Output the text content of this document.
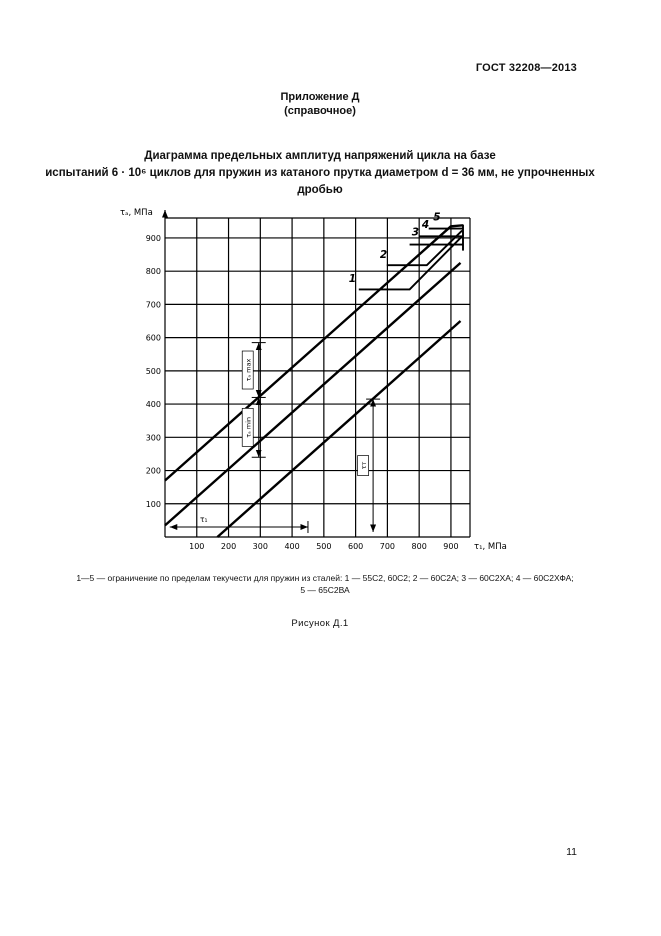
ГОСТ 32208—2013
Приложение Д
(справочное)
Диаграмма предельных амплитуд напряжений цикла на базе
испытаний 6 · 10⁶ циклов для пружин из катаного прутка диаметром d = 36 мм, не упрочненных
дробью
100 200 300 400 500 600 700 800 900
100
200
300
400
500
600
700
800
900
τₐ, МПа
τ₁, МПа
1
2
3
4
5
τₐ max
τₐ min
τт
τ₁
1—5 — ограничение по пределам текучести для пружин из сталей: 1 — 55С2, 60С2; 2 — 60С2А; 3 — 60С2ХА; 4 — 60С2ХФА;
5 — 65С2ВА
Рисунок Д.1
11
